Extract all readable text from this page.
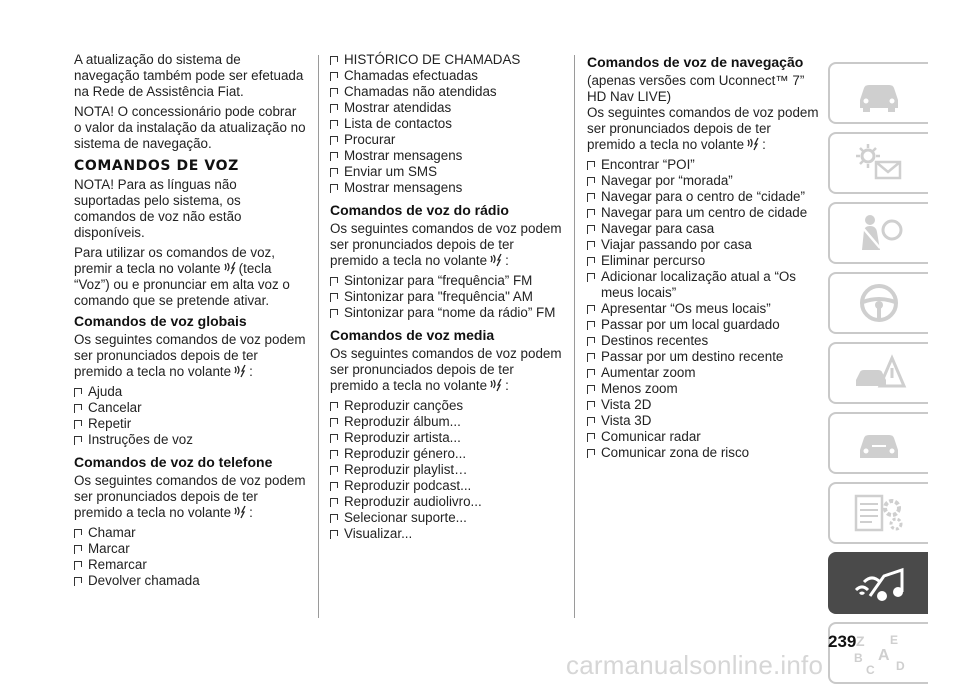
A atualização do sistema de navegação também pode ser efetuada na Rede de Assistência Fiat.

NOTA! O concessionário pode cobrar o valor da instalação da atualização no sistema de navegação.

COMANDOS DE VOZ

NOTA! Para as línguas não suportadas pelo sistema, os comandos de voz não estão disponíveis.

Para utilizar os comandos de voz, premir a tecla no volante (tecla “Voz”) ou e pronunciar em alta voz o comando que se pretende ativar.

Comandos de voz globais

Os seguintes comandos de voz podem ser pronunciados depois de ter premido a tecla no volante :

Ajuda
Cancelar
Repetir
Instruções de voz
Comandos de voz do telefone

Os seguintes comandos de voz podem ser pronunciados depois de ter premido a tecla no volante :

Chamar
Marcar
Remarcar
Devolver chamada
HISTÓRICO DE CHAMADAS
Chamadas efectuadas
Chamadas não atendidas
Mostrar atendidas
Lista de contactos
Procurar
Mostrar mensagens
Enviar um SMS
Mostrar mensagens
Comandos de voz do rádio

Os seguintes comandos de voz podem ser pronunciados depois de ter premido a tecla no volante :

Sintonizar para “frequência” FM
Sintonizar para "frequência" AM
Sintonizar para “nome da rádio” FM
Comandos de voz media

Os seguintes comandos de voz podem ser pronunciados depois de ter premido a tecla no volante :

Reproduzir canções
Reproduzir álbum...
Reproduzir artista...
Reproduzir género...
Reproduzir playlist…
Reproduzir podcast...
Reproduzir audiolivro...
Selecionar suporte...
Visualizar...
Comandos de voz de navegação

(apenas versões com Uconnect™ 7” HD Nav LIVE)

Os seguintes comandos de voz podem ser pronunciados depois de ter premido a tecla no volante :

Encontrar “POI”
Navegar por “morada”
Navegar para o centro de “cidade”
Navegar para um centro de cidade
Navegar para casa
Viajar passando por casa
Eliminar percurso
Adicionar localização atual a “Os meus locais”
Apresentar “Os meus locais”
Passar por um local guardado
Destinos recentes
Passar por um destino recente
Aumentar zoom
Menos zoom
Vista 2D
Vista 3D
Comunicar radar
Comunicar zona de risco
Z E
B A
C D
239
carmanualsonline.info
